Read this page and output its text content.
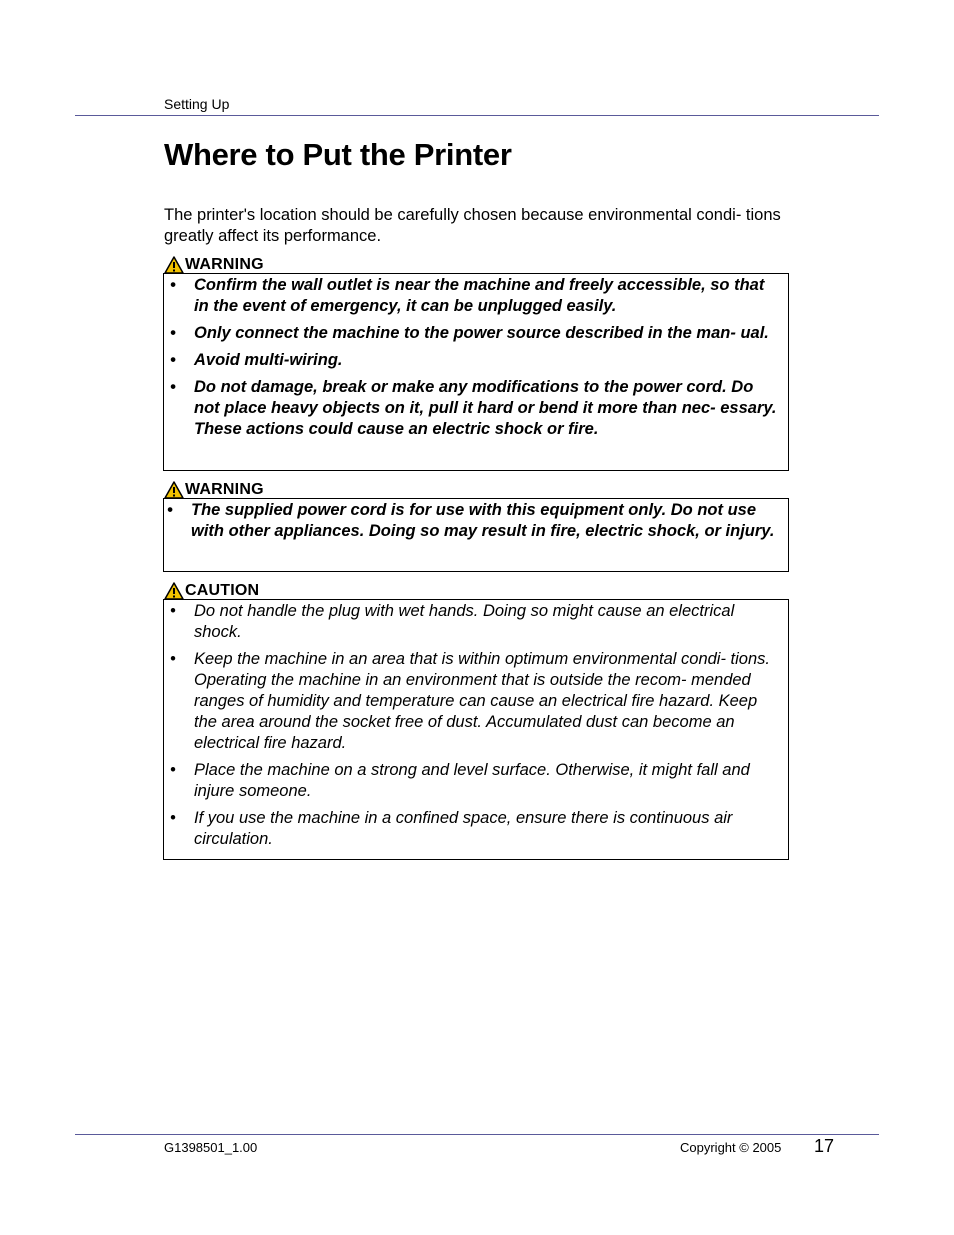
Setting Up
Where to Put the Printer

The printer's location should be carefully chosen because environmental condi- tions greatly affect its performance.

WARNING
•	Confirm the wall outlet is near the machine and freely accessible, so that in the event of emergency, it can be unplugged easily.
•	Only connect the machine to the power source described in the man- ual.
•	Avoid multi-wiring.
•	Do not damage, break or make any modifications to the power cord. Do not place heavy objects on it, pull it hard or bend it more than nec- essary. These actions could cause an electric shock or fire.
WARNING
•	The supplied power cord is for use with this equipment only. Do not use with other appliances. Doing so may result in fire, electric shock, or injury.
CAUTION
•	Do not handle the plug with wet hands. Doing so might cause an electrical shock.
•	Keep the machine in an area that is within optimum environmental condi- tions. Operating the machine in an environment that is outside the recom- mended ranges of humidity and temperature can cause an electrical fire hazard. Keep the area around the socket free of dust. Accumulated dust can become an electrical fire hazard.
•	Place the machine on a strong and level surface. Otherwise, it might fall and injure someone.
•	If you use the machine in a confined space, ensure there is continuous air circulation.
G1398501_1.00	Copyright © 2005 17
